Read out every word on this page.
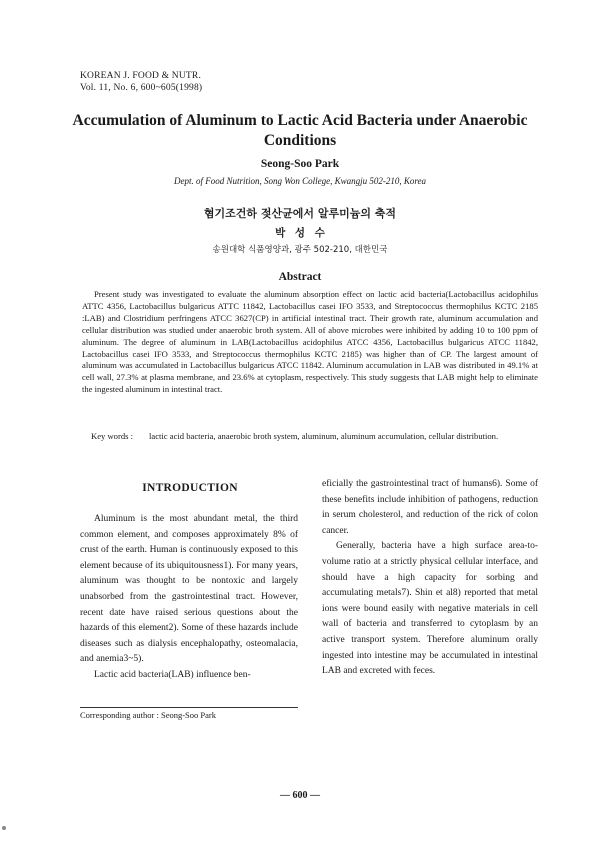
KOREAN J. FOOD & NUTR.
Vol. 11, No. 6, 600~605(1998)
Accumulation of Aluminum to Lactic Acid Bacteria under Anaerobic Conditions
Seong-Soo Park
Dept. of Food Nutrition, Song Won College, Kwangju 502-210, Korea
혐기조건하 젖산균에서 알루미늄의 축적
박 성 수
송원대학 식품영양과, 광주 502-210, 대한민국
Abstract
Present study was investigated to evaluate the aluminum absorption effect on lactic acid bacteria(Lactobacillus acidophilus ATTC 4356, Lactobacillus bulgaricus ATTC 11842, Lactobacillus casei IFO 3533, and Streptococcus thermophilus KCTC 2185 :LAB) and Clostridium perfringens ATCC 3627(CP) in artificial intestinal tract. Their growth rate, aluminum accumulation and cellular distribution was studied under anaerobic broth system. All of above microbes were inhibited by adding 10 to 100 ppm of aluminum. The degree of aluminum in LAB(Lactobacillus acidophilus ATCC 4356, Lactobacillus bulgaricus ATCC 11842, Lactobacillus casei IFO 3533, and Streptococcus thermophilus KCTC 2185) was higher than of CP. The largest amount of aluminum was accumulated in Lactobacillus bulgaricus ATCC 11842. Aluminum accumulation in LAB was distributed in 49.1% at cell wall, 27.3% at plasma membrane, and 23.6% at cytoplasm, respectively. This study suggests that LAB might help to eliminate the ingested aluminum in intestinal tract.
Key words : lactic acid bacteria, anaerobic broth system, aluminum, aluminum accumulation, cellular distribution.
INTRODUCTION

Aluminum is the most abundant metal, the third common element, and composes approximately 8% of crust of the earth. Human is continuously exposed to this element because of its ubiquitousness1). For many years, aluminum was thought to be nontoxic and largely unabsorbed from the gastrointestinal tract. However, recent date have raised serious questions about the hazards of this element2). Some of these hazards include diseases such as dialysis encephalopathy, osteomalacia, and anemia3~5).

Lactic acid bacteria(LAB) influence ben-

eficially the gastrointestinal tract of humans6). Some of these benefits include inhibition of pathogens, reduction in serum cholesterol, and reduction of the rick of colon cancer.

Generally, bacteria have a high surface area-to-volume ratio at a strictly physical cellular interface, and should have a high capacity for sorbing and accumulating metals7). Shin et al8) reported that metal ions were bound easily with negative materials in cell wall of bacteria and transferred to cytoplasm by an active transport system. Therefore aluminum orally ingested into intestine may be accumulated in intestinal LAB and excreted with feces.

Corresponding author : Seong-Soo Park
— 600 —
